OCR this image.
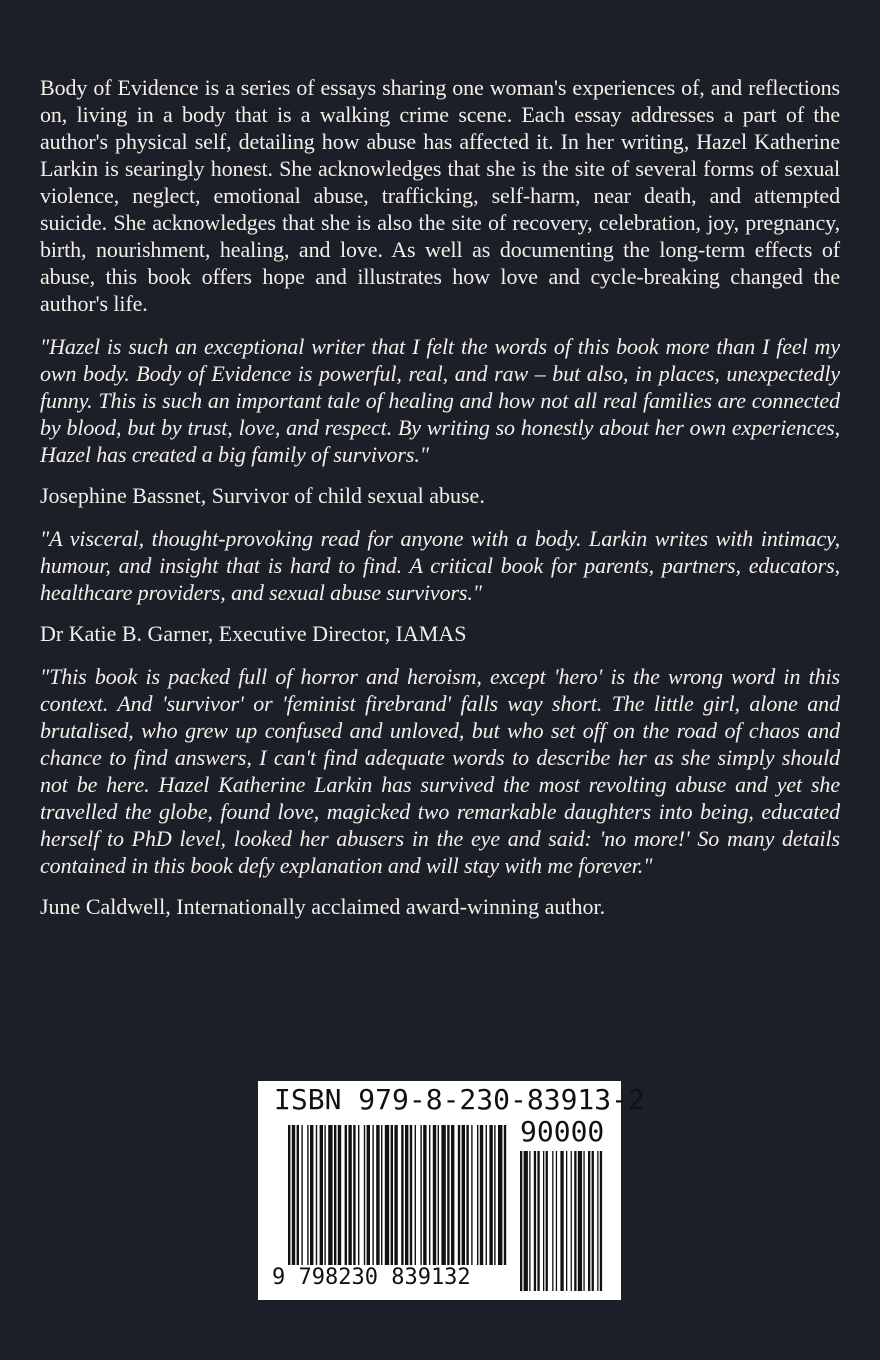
Body of Evidence is a series of essays sharing one woman's experiences of, and reflections on, living in a body that is a walking crime scene. Each essay addresses a part of the author's physical self, detailing how abuse has affected it. In her writing, Hazel Katherine Larkin is searingly honest. She acknowledges that she is the site of several forms of sexual violence, neglect, emotional abuse, trafficking, self-harm, near death, and attempted suicide. She acknowledges that she is also the site of recovery, celebration, joy, pregnancy, birth, nourishment, healing, and love. As well as documenting the long-term effects of abuse, this book offers hope and illustrates how love and cycle-breaking changed the author's life.

"Hazel is such an exceptional writer that I felt the words of this book more than I feel my own body. Body of Evidence is powerful, real, and raw – but also, in places, unexpectedly funny. This is such an important tale of healing and how not all real families are connected by blood, but by trust, love, and respect. By writing so honestly about her own experiences, Hazel has created a big family of survivors."

Josephine Bassnet, Survivor of child sexual abuse.

"A visceral, thought-provoking read for anyone with a body. Larkin writes with intimacy, humour, and insight that is hard to find. A critical book for parents, partners, educators, healthcare providers, and sexual abuse survivors."

Dr Katie B. Garner, Executive Director, IAMAS

"This book is packed full of horror and heroism, except 'hero' is the wrong word in this context. And 'survivor' or 'feminist firebrand' falls way short. The little girl, alone and brutalised, who grew up confused and unloved, but who set off on the road of chaos and chance to find answers, I can't find adequate words to describe her as she simply should not be here. Hazel Katherine Larkin has survived the most revolting abuse and yet she travelled the globe, found love, magicked two remarkable daughters into being, educated herself to PhD level, looked her abusers in the eye and said: 'no more!' So many details contained in this book defy explanation and will stay with me forever."

June Caldwell, Internationally acclaimed award-winning author.

ISBN 979-8-230-83913-2
90000
9 798230 839132
